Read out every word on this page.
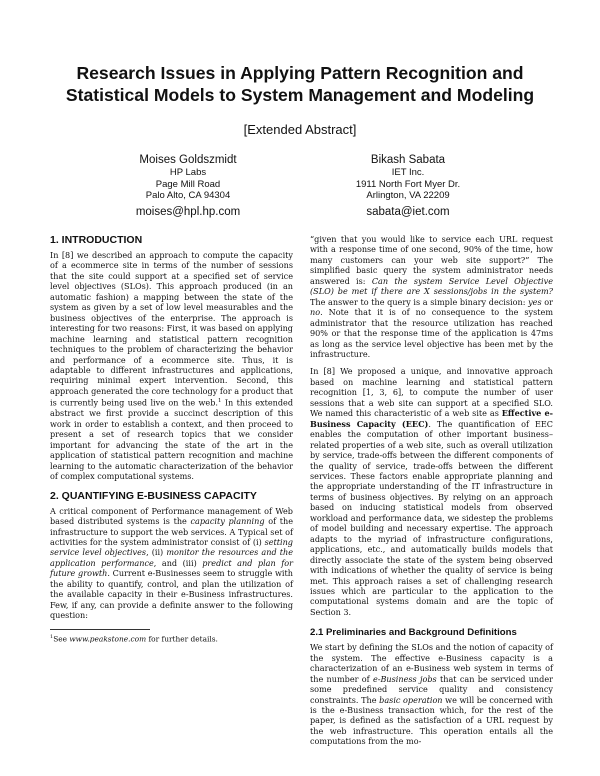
Research Issues in Applying Pattern Recognition and Statistical Models to System Management and Modeling
[Extended Abstract]
Moises Goldszmidt
HP Labs
Page Mill Road
Palo Alto, CA 94304
moises@hpl.hp.com
Bikash Sabata
IET Inc.
1911 North Fort Myer Dr.
Arlington, VA 22209
sabata@iet.com
1. INTRODUCTION

In [8] we described an approach to compute the capacity of a ecommerce site in terms of the number of sessions that the site could support at a specified set of service level objectives (SLOs). This approach produced (in an automatic fashion) a mapping between the state of the system as given by a set of low level measurables and the business objectives of the enterprise. The approach is interesting for two reasons: First, it was based on applying machine learning and statistical pattern recognition techniques to the problem of characterizing the behavior and performance of a ecommerce site. Thus, it is adaptable to different infrastructures and applications, requiring minimal expert intervention. Second, this approach generated the core technology for a product that is currently being used live on the web.$^1$ In this extended abstract we first provide a succinct description of this work in order to establish a context, and then proceed to present a set of research topics that we consider important for advancing the state of the art in the application of statistical pattern recognition and machine learning to the automatic characterization of the behavior of complex computational systems.

2. QUANTIFYING E-BUSINESS CAPACITY

A critical component of Performance management of Web based distributed systems is the capacity planning of the infrastructure to support the web services. A Typical set of activities for the system administrator consist of (i) setting service level objectives, (ii) monitor the resources and the application performance, and (iii) predict and plan for future growth. Current e-Businesses seem to struggle with the ability to quantify, control, and plan the utilization of the available capacity in their e-Business infrastructures. Few, if any, can provide a definite answer to the following question:

$^1$See www.peakstone.com for further details.

“given that you would like to service each URL request with a response time of one second, 90% of the time, how many customers can your web site support?” The simplified basic query the system administrator needs answered is: Can the system Service Level Objective (SLO) be met if there are X sessions/jobs in the system? The answer to the query is a simple binary decision: yes or no. Note that it is of no consequence to the system administrator that the resource utilization has reached 90% or that the response time of the application is 47ms as long as the service level objective has been met by the infrastructure.

In [8] We proposed a unique, and innovative approach based on machine learning and statistical pattern recognition [1, 3, 6], to compute the number of user sessions that a web site can support at a specified SLO. We named this characteristic of a web site as Effective e-Business Capacity (EEC). The quantification of EEC enables the computation of other important business–related properties of a web site, such as overall utilization by service, trade-offs between the different components of the quality of service, trade-offs between the different services. These factors enable appropriate planning and the appropriate understanding of the IT infrastructure in terms of business objectives. By relying on an approach based on inducing statistical models from observed workload and performance data, we sidestep the problems of model building and necessary expertise. The approach adapts to the myriad of infrastructure configurations, applications, etc., and automatically builds models that directly associate the state of the system being observed with indications of whether the quality of service is being met. This approach raises a set of challenging research issues which are particular to the application to the computational systems domain and are the topic of Section 3.

2.1 Preliminaries and Background Definitions

We start by defining the SLOs and the notion of capacity of the system. The effective e-Business capacity is a characterization of an e-Business web system in terms of the number of e-Business jobs that can be serviced under some predefined service quality and consistency constraints. The basic operation we will be concerned with is the e-Business transaction which, for the rest of the paper, is defined as the satisfaction of a URL request by the web infrastructure. This operation entails all the computations from the mo-
